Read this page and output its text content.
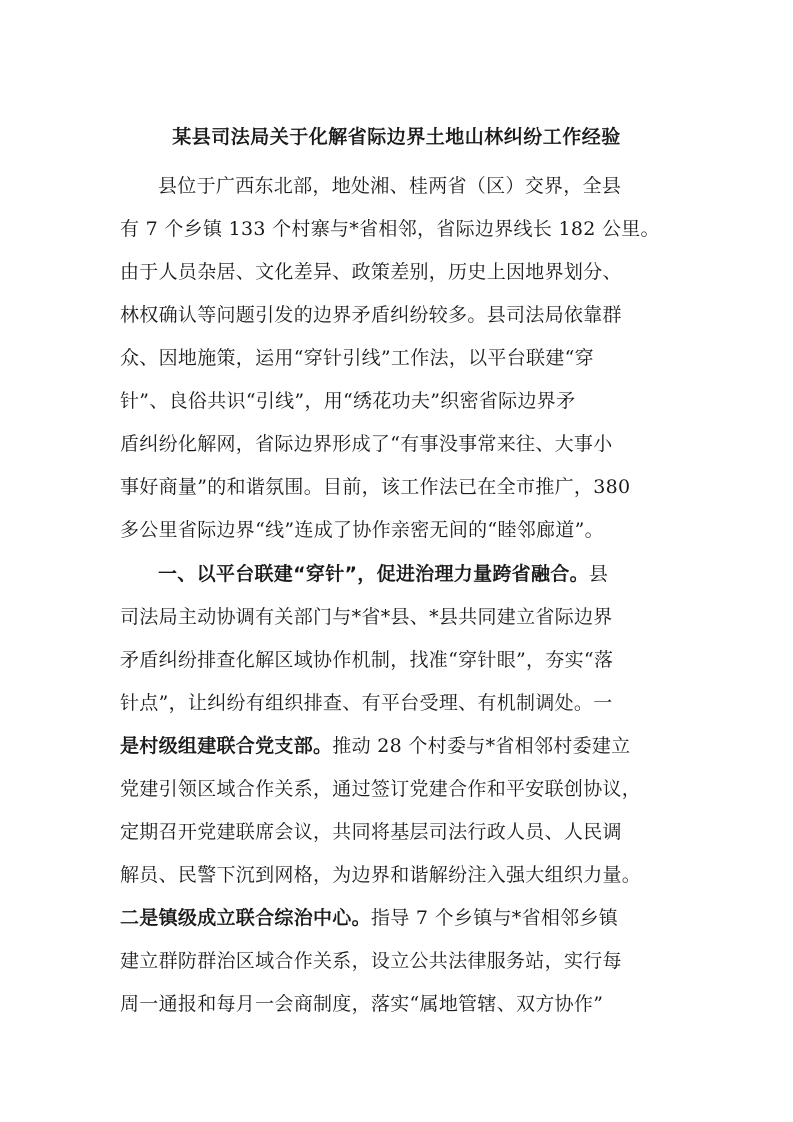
某县司法局关于化解省际边界土地山林纠纷工作经验
县位于广西东北部，地处湘、桂两省（区）交界，全县
有 7 个乡镇 133 个村寨与*省相邻，省际边界线长 182 公里。
由于人员杂居、文化差异、政策差别，历史上因地界划分、
林权确认等问题引发的边界矛盾纠纷较多。县司法局依靠群
众、因地施策，运用“穿针引线”工作法，以平台联建“穿
针”、良俗共识“引线”，用“绣花功夫”织密省际边界矛
盾纠纷化解网，省际边界形成了“有事没事常来往、大事小
事好商量”的和谐氛围。目前，该工作法已在全市推广，380
多公里省际边界“线”连成了协作亲密无间的“睦邻廊道”。
一、以平台联建“穿针”，促进治理力量跨省融合。县
司法局主动协调有关部门与*省*县、*县共同建立省际边界
矛盾纠纷排查化解区域协作机制，找准“穿针眼”，夯实“落
针点”，让纠纷有组织排查、有平台受理、有机制调处。一
是村级组建联合党支部。推动 28 个村委与*省相邻村委建立
党建引领区域合作关系，通过签订党建合作和平安联创协议，
定期召开党建联席会议，共同将基层司法行政人员、人民调
解员、民警下沉到网格，为边界和谐解纷注入强大组织力量。
二是镇级成立联合综治中心。指导 7 个乡镇与*省相邻乡镇
建立群防群治区域合作关系，设立公共法律服务站，实行每
周一通报和每月一会商制度，落实“属地管辖、双方协作”
